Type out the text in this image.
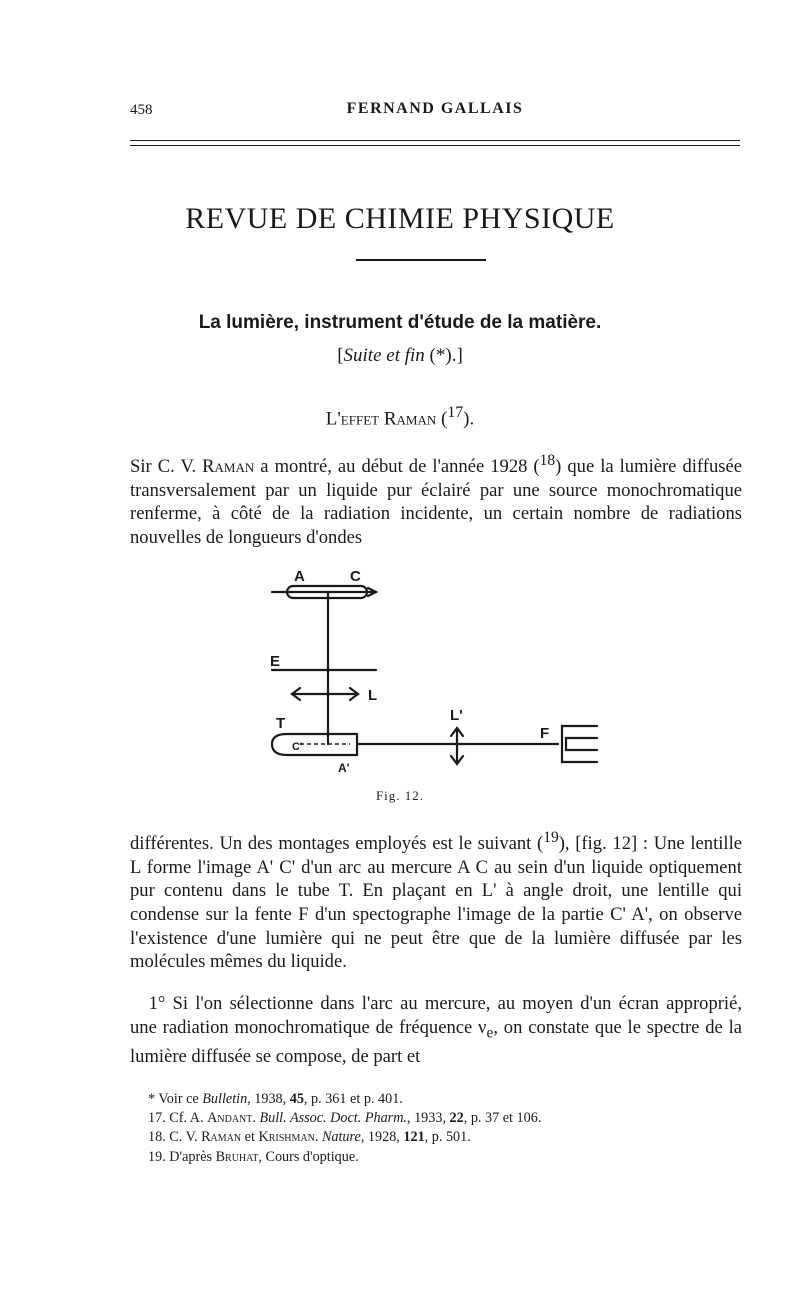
458	FERNAND GALLAIS
REVUE DE CHIMIE PHYSIQUE
La lumière, instrument d'étude de la matière.
[Suite et fin (*).]
L'effet Raman ($^{17}$).

Sir C. V. Raman a montré, au début de l'année 1928 ($^{18}$) que la lumière diffusée transversalement par un liquide pur éclairé par une source monochromatique renferme, à côté de la radiation incidente, un certain nombre de radiations nouvelles de longueurs d'ondes

A	C
E
L
L'
T
F
C'
A'
Fig. 12.

différentes. Un des montages employés est le suivant ($^{19}$), [fig. 12] : Une lentille L forme l'image A' C' d'un arc au mercure A C au sein d'un liquide optiquement pur contenu dans le tube T. En plaçant en L' à angle droit, une lentille qui condense sur la fente F d'un spectographe l'image de la partie C' A', on observe l'existence d'une lumière qui ne peut être que de la lumière diffusée par les molécules mêmes du liquide.

 1° Si l'on sélectionne dans l'arc au mercure, au moyen d'un écran approprié, une radiation monochromatique de fréquence $\nu_e$, on constate que le spectre de la lumière diffusée se compose, de part et

* Voir ce Bulletin, 1938, 45, p. 361 et p. 401.
17. Cf. A. Andant. Bull. Assoc. Doct. Pharm., 1933, 22, p. 37 et 106.
18. C. V. Raman et Krishman. Nature, 1928, 121, p. 501.
19. D'après Bruhat, Cours d'optique.
